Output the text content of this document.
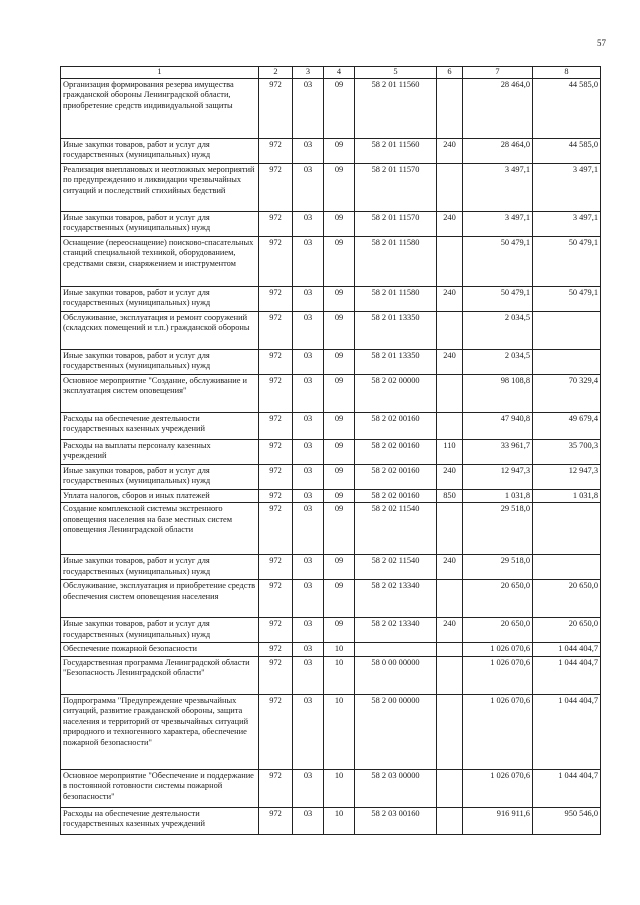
57
1	2	3	4	5	6	7	8
Организация формирования резерва имущества гражданской обороны Ленинградской области, приобретение средств индивидуальной защиты	972	03	09	58 2 01 11560		28 464,0	44 585,0
Иные закупки товаров, работ и услуг для государственных (муниципальных) нужд	972	03	09	58 2 01 11560	240	28 464,0	44 585,0
Реализация внеплановых и неотложных мероприятий по предупреждению и ликвидации чрезвычайных ситуаций и последствий стихийных бедствий	972	03	09	58 2 01 11570		3 497,1	3 497,1
Иные закупки товаров, работ и услуг для государственных (муниципальных) нужд	972	03	09	58 2 01 11570	240	3 497,1	3 497,1
Оснащение (переоснащение) поисково-спасательных станций специальной техникой, оборудованием, средствами связи, снаряжением и инструментом	972	03	09	58 2 01 11580		50 479,1	50 479,1
Иные закупки товаров, работ и услуг для государственных (муниципальных) нужд	972	03	09	58 2 01 11580	240	50 479,1	50 479,1
Обслуживание, эксплуатация и ремонт сооружений (складских помещений и т.п.) гражданской обороны	972	03	09	58 2 01 13350		2 034,5	
Иные закупки товаров, работ и услуг для государственных (муниципальных) нужд	972	03	09	58 2 01 13350	240	2 034,5	
Основное мероприятие "Создание, обслуживание и эксплуатация систем оповещения"	972	03	09	58 2 02 00000		98 108,8	70 329,4
Расходы на обеспечение деятельности государственных казенных учреждений	972	03	09	58 2 02 00160		47 940,8	49 679,4
Расходы на выплаты персоналу казенных учреждений	972	03	09	58 2 02 00160	110	33 961,7	35 700,3
Иные закупки товаров, работ и услуг для государственных (муниципальных) нужд	972	03	09	58 2 02 00160	240	12 947,3	12 947,3
Уплата налогов, сборов и иных платежей	972	03	09	58 2 02 00160	850	1 031,8	1 031,8
Создание комплексной системы экстренного оповещения населения на базе местных систем оповещения Ленинградской области	972	03	09	58 2 02 11540		29 518,0	
Иные закупки товаров, работ и услуг для государственных (муниципальных) нужд	972	03	09	58 2 02 11540	240	29 518,0	
Обслуживание, эксплуатация и приобретение средств обеспечения систем оповещения населения	972	03	09	58 2 02 13340		20 650,0	20 650,0
Иные закупки товаров, работ и услуг для государственных (муниципальных) нужд	972	03	09	58 2 02 13340	240	20 650,0	20 650,0
Обеспечение пожарной безопасности	972	03	10			1 026 070,6	1 044 404,7
Государственная программа Ленинградской области "Безопасность Ленинградской области"	972	03	10	58 0 00 00000		1 026 070,6	1 044 404,7
Подпрограмма "Предупреждение чрезвычайных ситуаций, развитие гражданской обороны, защита населения и территорий от чрезвычайных ситуаций природного и техногенного характера, обеспечение пожарной безопасности"	972	03	10	58 2 00 00000		1 026 070,6	1 044 404,7
Основное мероприятие "Обеспечение и поддержание в постоянной готовности системы пожарной безопасности"	972	03	10	58 2 03 00000		1 026 070,6	1 044 404,7
Расходы на обеспечение деятельности государственных казенных учреждений	972	03	10	58 2 03 00160		916 911,6	950 546,0
